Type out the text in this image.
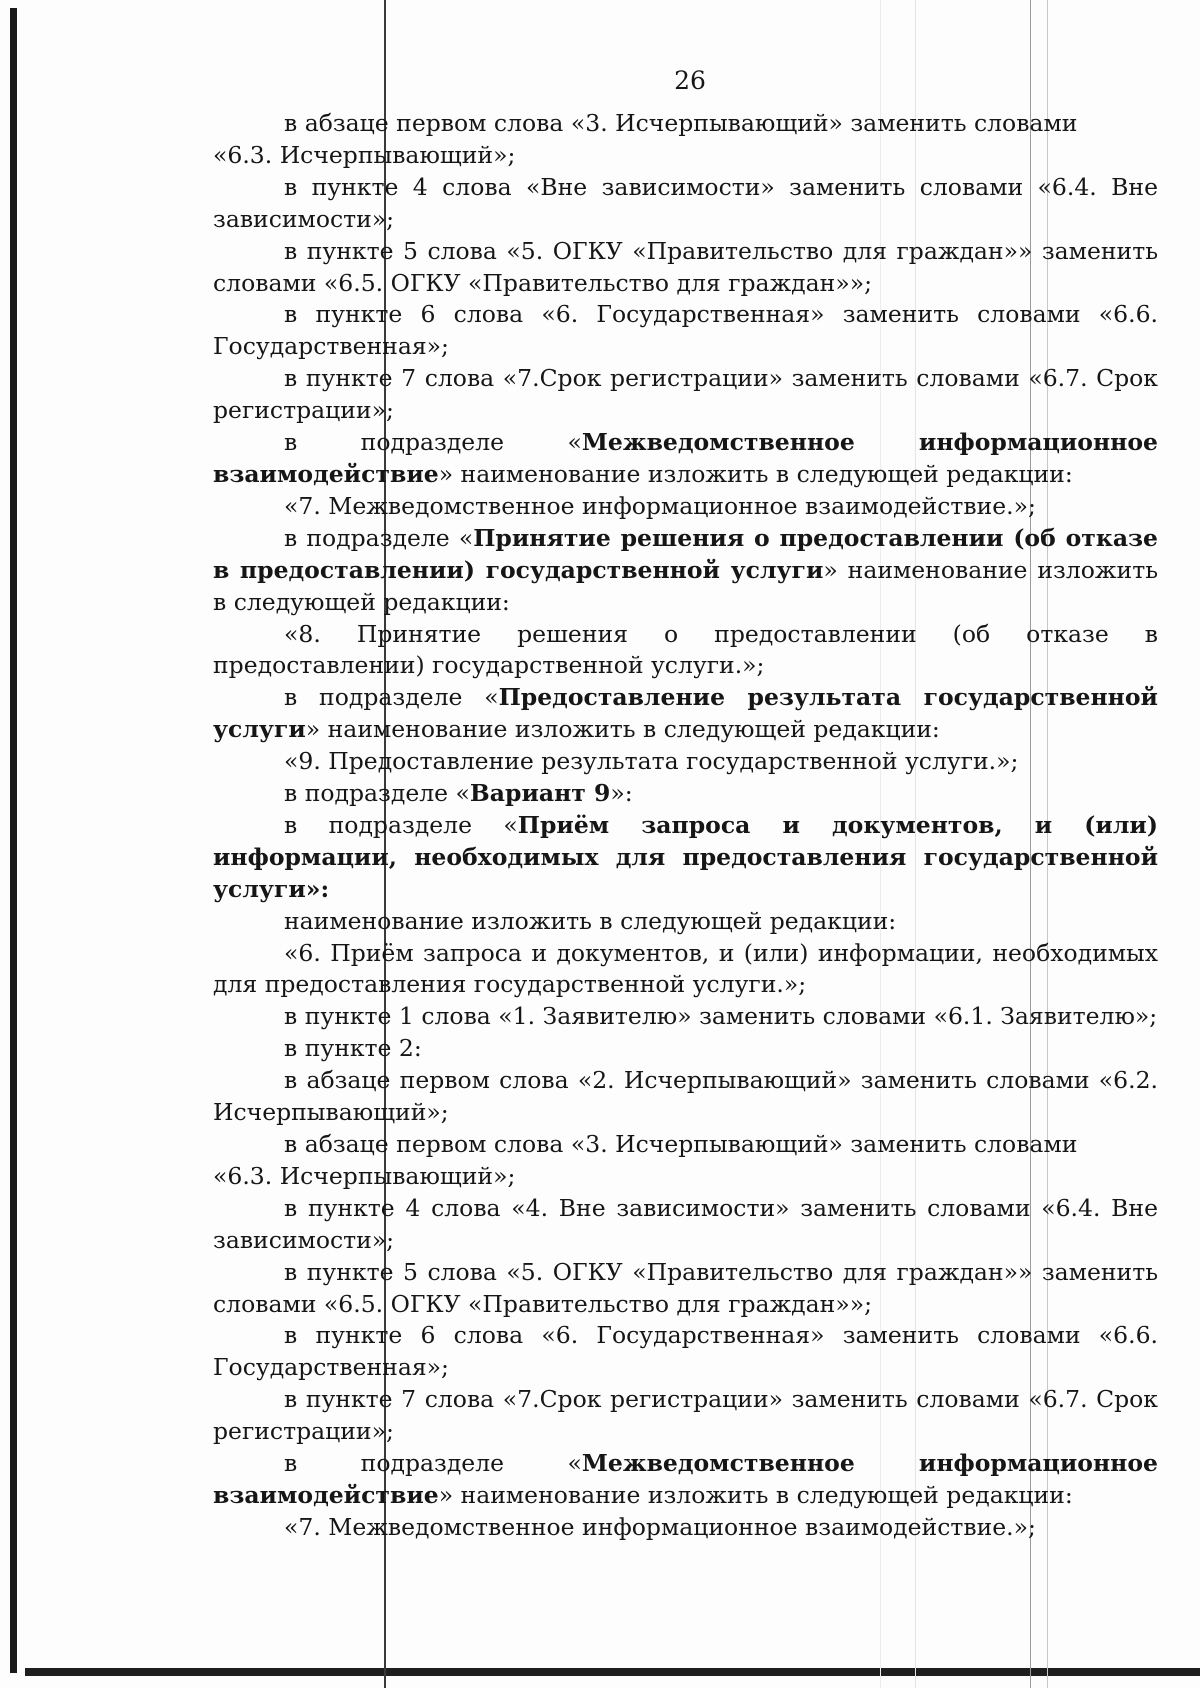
26

в абзаце первом слова «3. Исчерпывающий» заменить словами

«6.3. Исчерпывающий»;

в пункте 4 слова «Вне зависимости» заменить словами «6.4. Вне зависимости»;

в пункте 5 слова «5. ОГКУ «Правительство для граждан»» заменить словами «6.5. ОГКУ «Правительство для граждан»»;

в пункте 6 слова «6. Государственная» заменить словами «6.6. Государственная»;

в пункте 7 слова «7.Срок регистрации» заменить словами «6.7. Срок регистрации»;

в подразделе «Межведомственное информационное взаимодействие» наименование изложить в следующей редакции:

«7. Межведомственное информационное взаимодействие.»;

в подразделе «Принятие решения о предоставлении (об отказе в предоставлении) государственной услуги» наименование изложить в следующей редакции:

«8. Принятие решения о предоставлении (об отказе в предоставлении) государственной услуги.»;

в подразделе «Предоставление результата государственной услуги» наименование изложить в следующей редакции:

«9. Предоставление результата государственной услуги.»;

в подразделе «Вариант 9»:

в подразделе «Приём запроса и документов, и (или) информации, необходимых для предоставления государственной услуги»:

наименование изложить в следующей редакции:

«6. Приём запроса и документов, и (или) информации, необходимых для предоставления государственной услуги.»;

в пункте 1 слова «1. Заявителю» заменить словами «6.1. Заявителю»;

в пункте 2:

в абзаце первом слова «2. Исчерпывающий» заменить словами «6.2. Исчерпывающий»;

в абзаце первом слова «3. Исчерпывающий» заменить словами

«6.3. Исчерпывающий»;

в пункте 4 слова «4. Вне зависимости» заменить словами «6.4. Вне зависимости»;

в пункте 5 слова «5. ОГКУ «Правительство для граждан»» заменить словами «6.5. ОГКУ «Правительство для граждан»»;

в пункте 6 слова «6. Государственная» заменить словами «6.6. Государственная»;

в пункте 7 слова «7.Срок регистрации» заменить словами «6.7. Срок регистрации»;

в подразделе «Межведомственное информационное взаимодействие» наименование изложить в следующей редакции:

«7. Межведомственное информационное взаимодействие.»;
